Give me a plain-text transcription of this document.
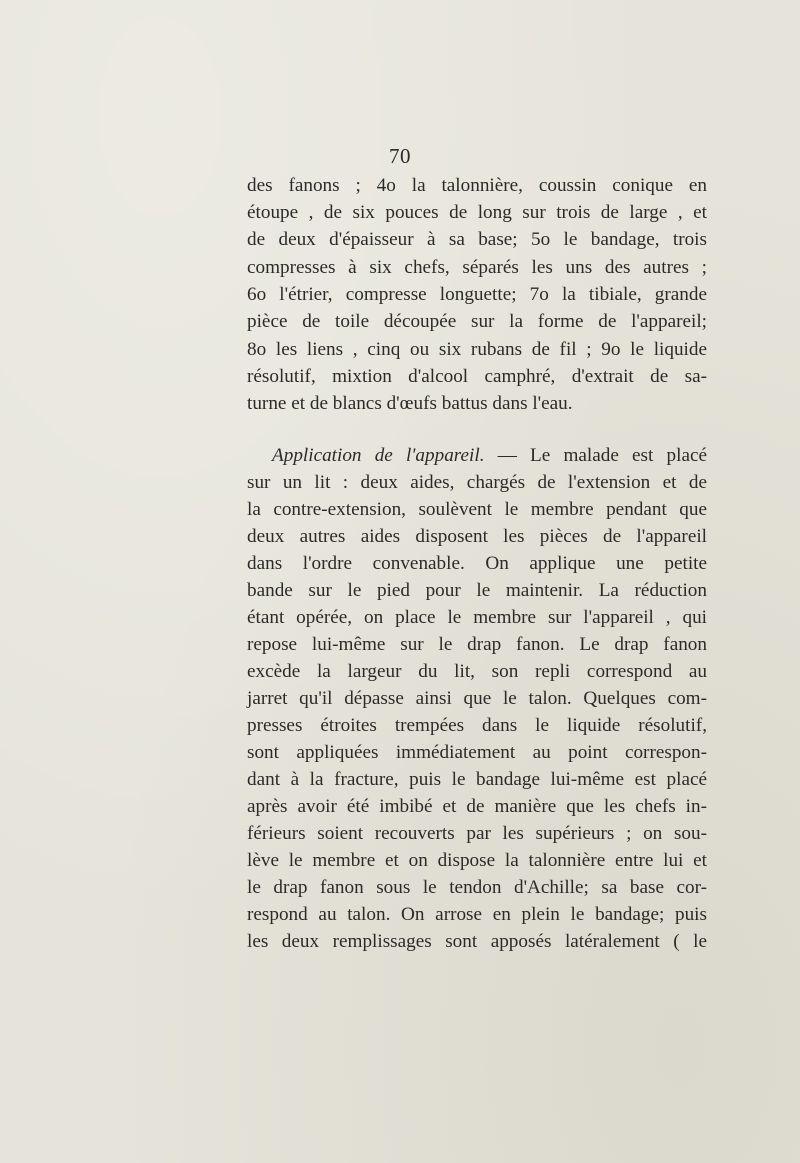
70
des fanons ; 4o la talonnière, coussin conique en
étoupe , de six pouces de long sur trois de large , et
de deux d'épaisseur à sa base; 5o le bandage, trois
compresses à six chefs, séparés les uns des autres ;
6o l'étrier, compresse longuette; 7o la tibiale, grande
pièce de toile découpée sur la forme de l'appareil;
8o les liens , cinq ou six rubans de fil ; 9o le liquide
résolutif, mixtion d'alcool camphré, d'extrait de sa-
turne et de blancs d'œufs battus dans l'eau.
Application de l'appareil. — Le malade est placé
sur un lit : deux aides, chargés de l'extension et de
la contre-extension, soulèvent le membre pendant que
deux autres aides disposent les pièces de l'appareil
dans l'ordre convenable. On applique une petite
bande sur le pied pour le maintenir. La réduction
étant opérée, on place le membre sur l'appareil , qui
repose lui-même sur le drap fanon. Le drap fanon
excède la largeur du lit, son repli correspond au
jarret qu'il dépasse ainsi que le talon. Quelques com-
presses étroites trempées dans le liquide résolutif,
sont appliquées immédiatement au point correspon-
dant à la fracture, puis le bandage lui-même est placé
après avoir été imbibé et de manière que les chefs in-
férieurs soient recouverts par les supérieurs ; on sou-
lève le membre et on dispose la talonnière entre lui et
le drap fanon sous le tendon d'Achille; sa base cor-
respond au talon. On arrose en plein le bandage; puis
les deux remplissages sont apposés latéralement ( le
